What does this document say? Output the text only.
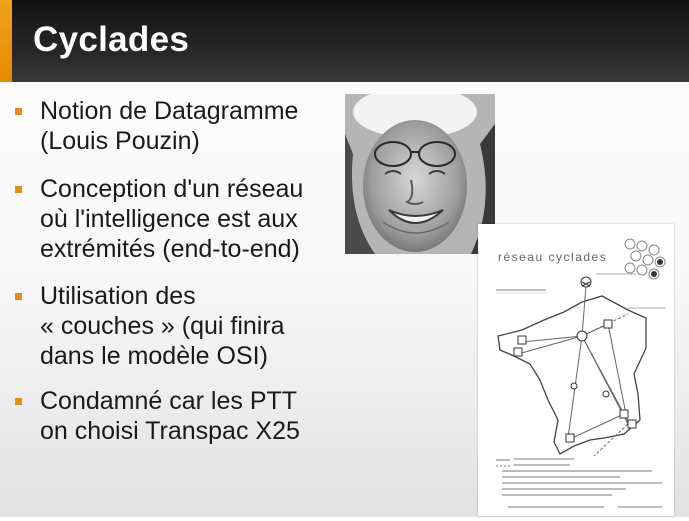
Cyclades
Notion de Datagramme
(Louis Pouzin)
Conception d'un réseau
où l'intelligence est aux
extrémités (end-to-end)
Utilisation des
« couches » (qui finira
dans le modèle OSI)
Condamné car les PTT
on choisi Transpac X25
réseau cyclades
